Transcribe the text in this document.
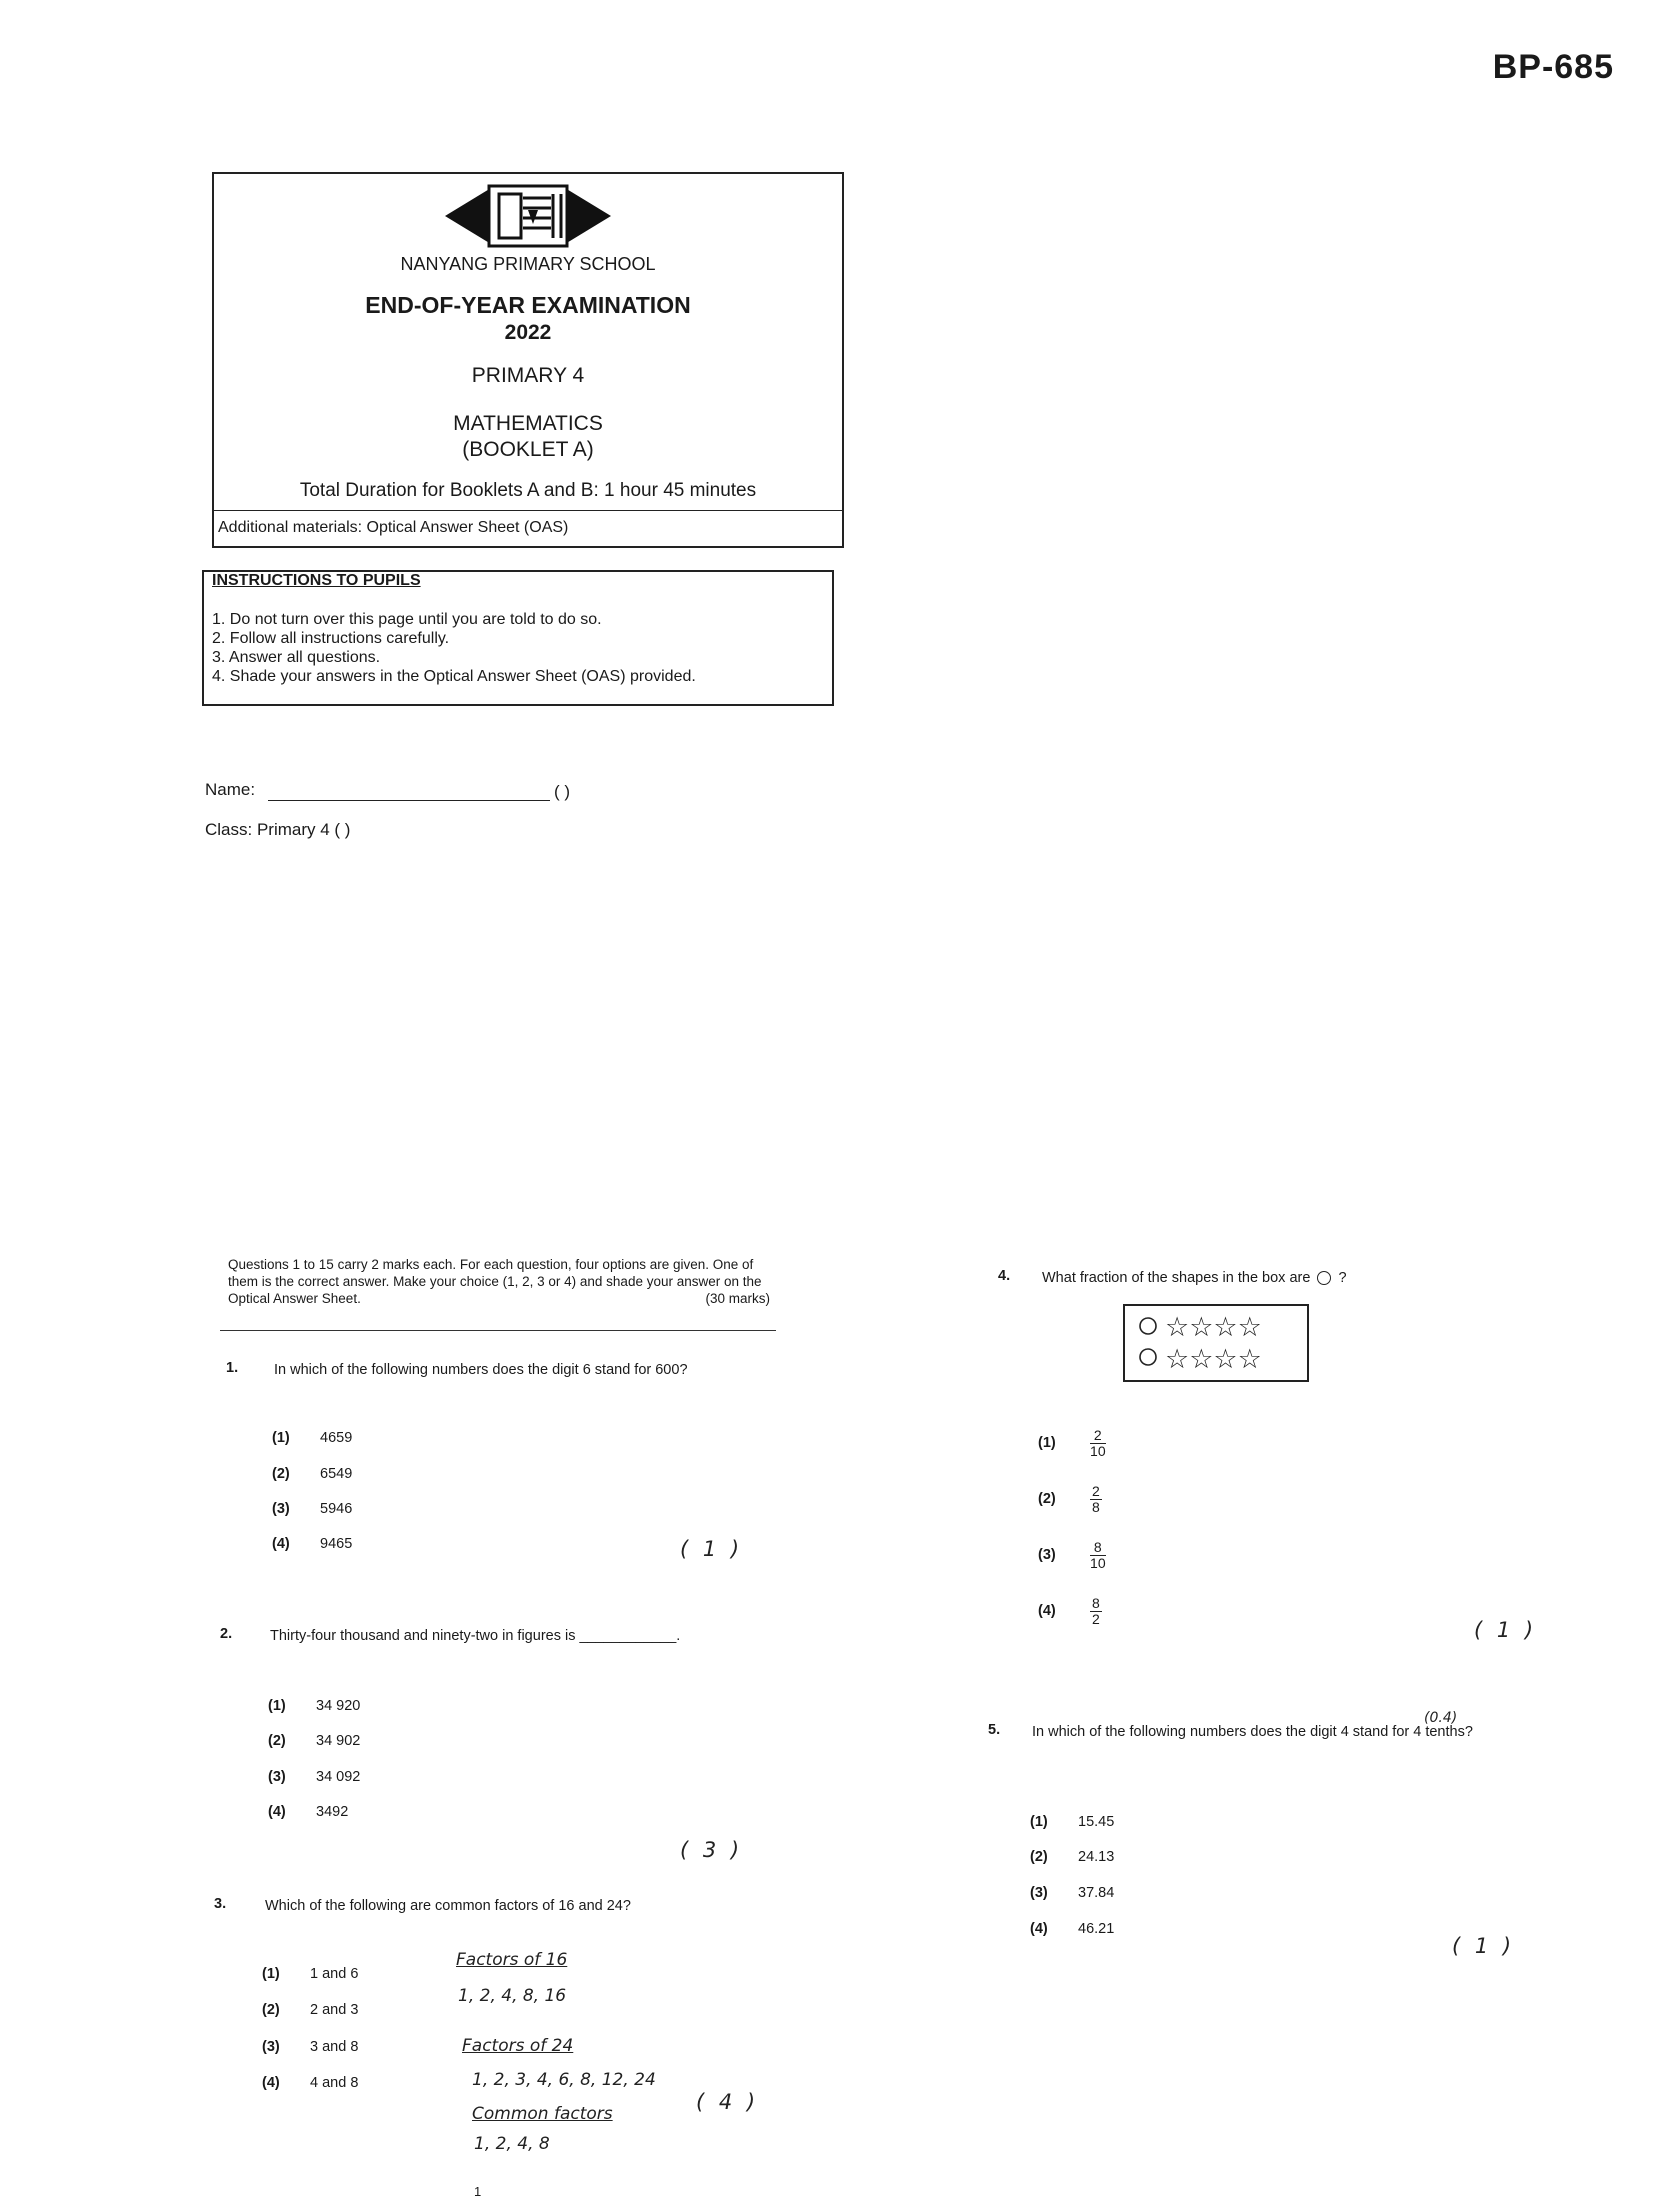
BP-685
NANYANG PRIMARY SCHOOL
END-OF-YEAR EXAMINATION
2022
PRIMARY 4
MATHEMATICS
(BOOKLET A)
Total Duration for Booklets A and B: 1 hour 45 minutes
Additional materials: Optical Answer Sheet (OAS)
INSTRUCTIONS TO PUPILS
1. Do not turn over this page until you are told to do so.
2. Follow all instructions carefully.
3. Answer all questions.
4. Shade your answers in the Optical Answer Sheet (OAS) provided.
Name:	( )
Class: Primary 4 ( )
Questions 1 to 15 carry 2 marks each. For each question, four options are given. One of them is the correct answer. Make your choice (1, 2, 3 or 4) and shade your answer on the Optical Answer Sheet.	(30 marks)
1. In which of the following numbers does the digit 6 stand for 600?
(1) 4659
(2) 6549
(3) 5946
(4) 9465	( 1 )
2.	Thirty-four thousand and ninety-two in figures is ____________.
(1) 34 920
(2) 34 902
(3) 34 092
(4) 3492
( 3 )
3.	Which of the following are common factors of 16 and 24?
(1) 1 and 6
(2) 2 and 3
(3) 3 and 8
(4) 4 and 8
Factors of 16
1, 2, 4, 8, 16
Factors of 24
1, 2, 3, 4, 6, 8, 12, 24
Common factors
1, 2, 4, 8
( 4 )
1
4. What fraction of the shapes in the box are ?
☆☆☆☆
☆☆☆☆
$(1) \frac{2}{10}$
$(2) \frac{2}{8}$
$(3) \frac{8}{10}$
$(4) \frac{8}{2}$
( 1 )
5. In which of the following numbers does the digit 4 stand for 4 tenths?
(0.4)
(1) 15.45
(2) 24.13
(3) 37.84
(4) 46.21
( 1 )
